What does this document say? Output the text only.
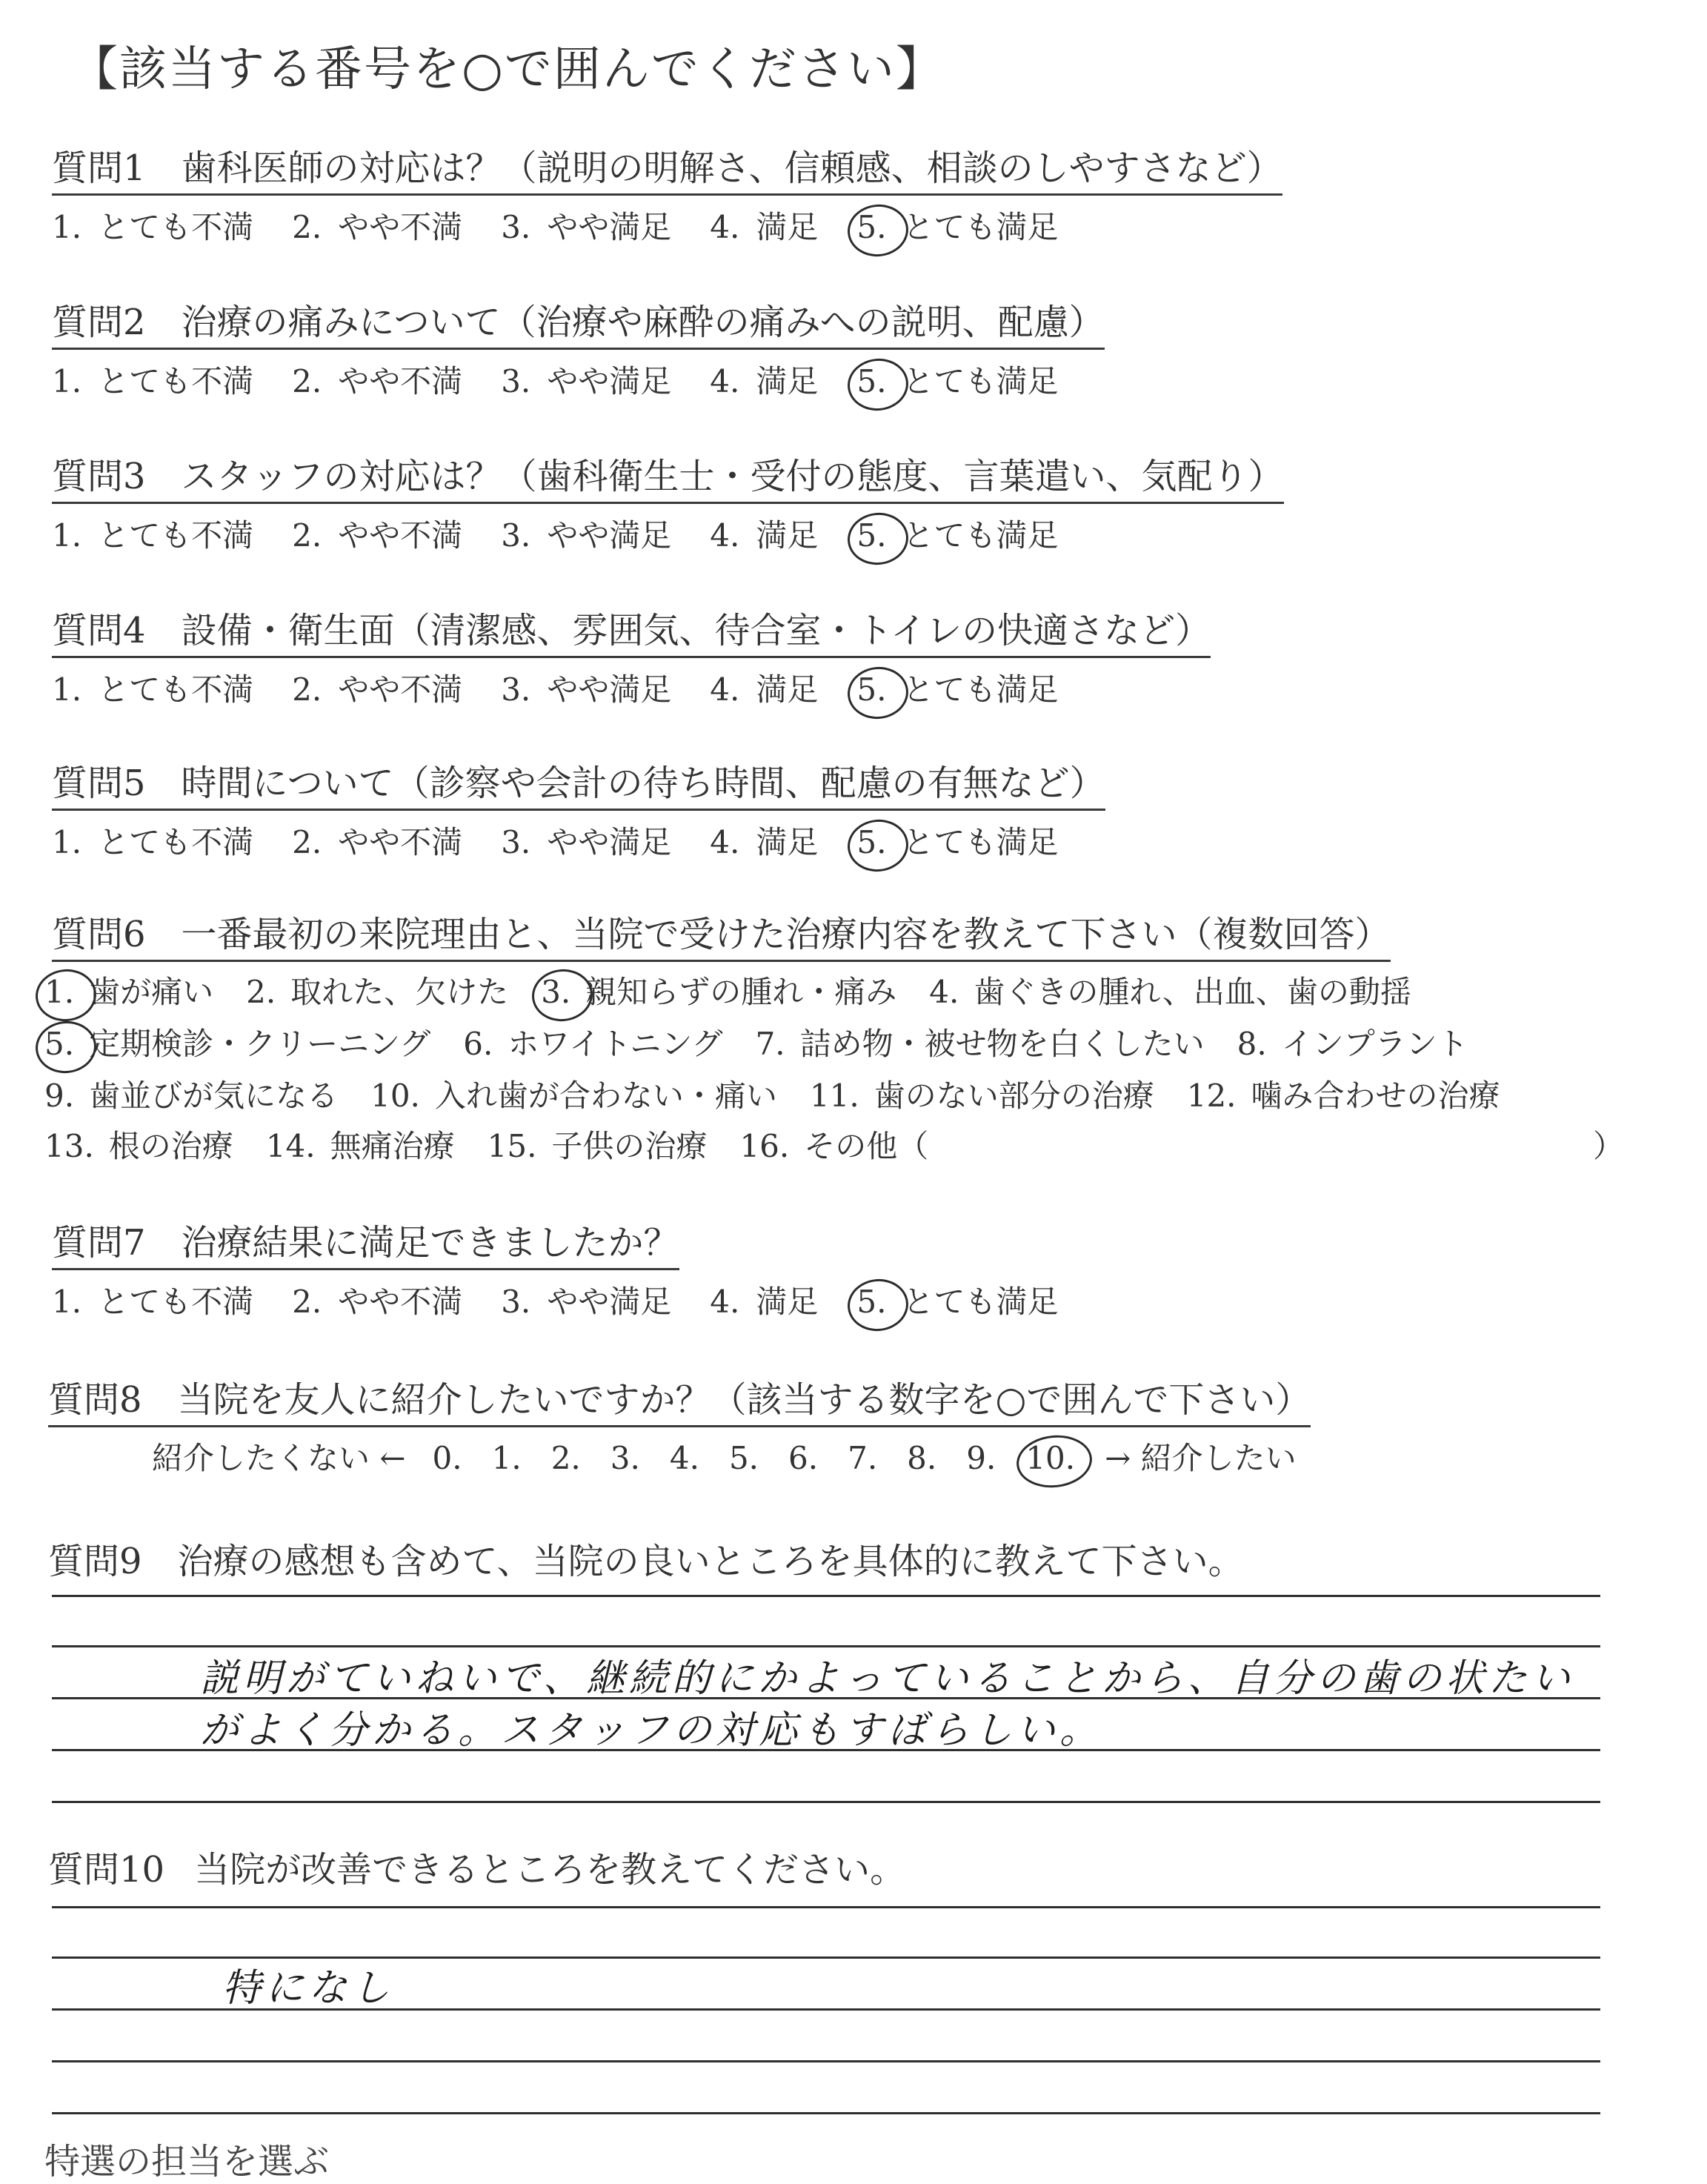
【該当する番号を○で囲んでください】
質問1 歯科医師の対応は？（説明の明解さ、信頼感、相談のしやすさなど）
1. とても不満 2. やや不満 3. やや満足 4. 満足 5. とても満足
質問2 治療の痛みについて（治療や麻酔の痛みへの説明、配慮）
1. とても不満 2. やや不満 3. やや満足 4. 満足 5. とても満足
質問3 スタッフの対応は？（歯科衛生士・受付の態度、言葉遣い、気配り）
1. とても不満 2. やや不満 3. やや満足 4. 満足 5. とても満足
質問4 設備・衛生面（清潔感、雰囲気、待合室・トイレの快適さなど）
1. とても不満 2. やや不満 3. やや満足 4. 満足 5. とても満足
質問5 時間について（診察や会計の待ち時間、配慮の有無など）
1. とても不満 2. やや不満 3. やや満足 4. 満足 5. とても満足
質問6 一番最初の来院理由と、当院で受けた治療内容を教えて下さい（複数回答）
1. 歯が痛い 2. 取れた、欠けた 3. 親知らずの腫れ・痛み 4. 歯ぐきの腫れ、出血、歯の動揺
5. 定期検診・クリーニング 6. ホワイトニング 7. 詰め物・被せ物を白くしたい 8. インプラント
9. 歯並びが気になる 10. 入れ歯が合わない・痛い 11. 歯のない部分の治療 12. 噛み合わせの治療
13. 根の治療 14. 無痛治療 15. 子供の治療 16. その他（	）
質問7 治療結果に満足できましたか？
1. とても不満 2. やや不満 3. やや満足 4. 満足 5. とても満足
質問8 当院を友人に紹介したいですか？（該当する数字を○で囲んで下さい）
紹介したくない ← 0. 1. 2. 3. 4. 5. 6. 7. 8. 9. 10. → 紹介したい
質問9 治療の感想も含めて、当院の良いところを具体的に教えて下さい。
説明がていねいで、継続的にかよっていることから、自分の歯の状たい
がよく分かる。スタッフの対応もすばらしい。
質問10 当院が改善できるところを教えてください。
特になし
特選の担当を選ぶ
